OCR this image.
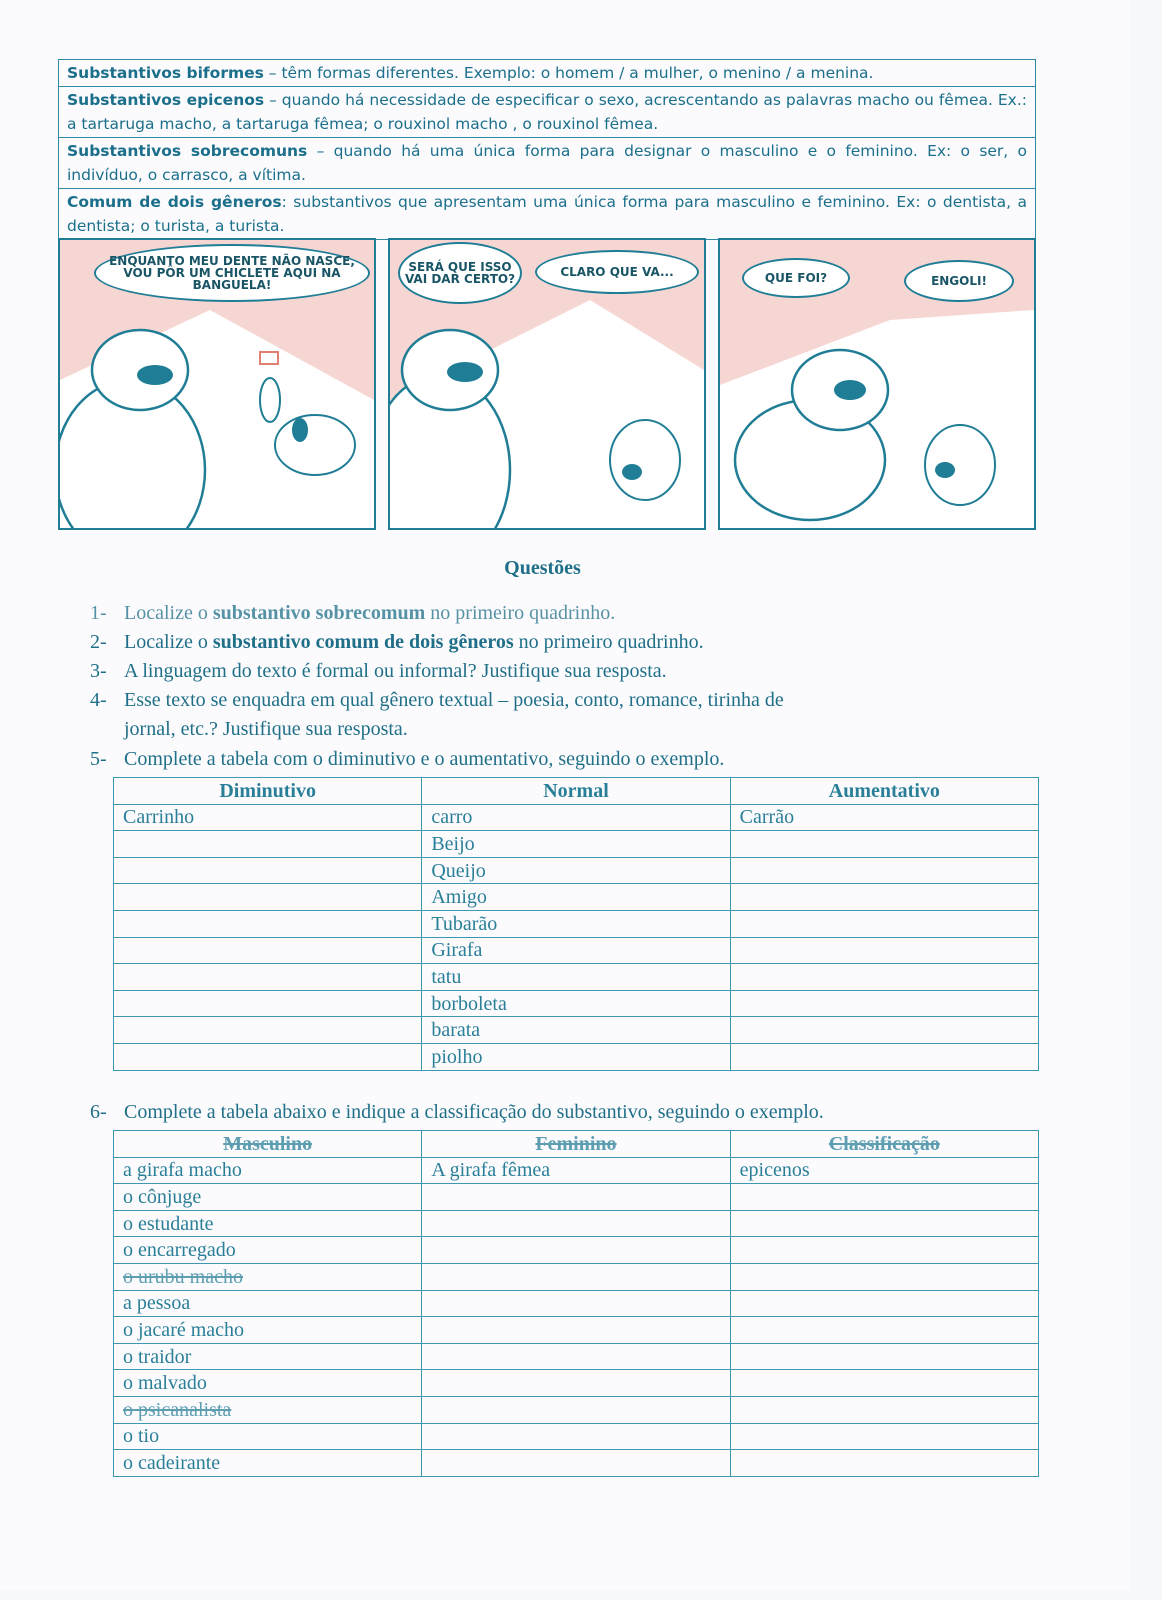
Substantivos biformes – têm formas diferentes. Exemplo: o homem / a mulher, o menino / a menina.
Substantivos epicenos – quando há necessidade de especificar o sexo, acrescentando as palavras macho ou fêmea. Ex.: a tartaruga macho, a tartaruga fêmea; o rouxinol macho , o rouxinol fêmea.
Substantivos sobrecomuns – quando há uma única forma para designar o masculino e o feminino. Ex: o ser, o indivíduo, o carrasco, a vítima.
Comum de dois gêneros: substantivos que apresentam uma única forma para masculino e feminino. Ex: o dentista, a dentista; o turista, a turista.
ENQUANTO MEU DENTE NÃO NASCE, VOU PÔR UM CHICLETE AQUI NA BANGUELA!
SERÁ QUE ISSO VAI DAR CERTO?	CLARO QUE VA...	QUE FOI?	ENGOLI!
Questões
1- Localize o substantivo sobrecomum no primeiro quadrinho.
2- Localize o substantivo comum de dois gêneros no primeiro quadrinho.
3- A linguagem do texto é formal ou informal? Justifique sua resposta.
4- Esse texto se enquadra em qual gênero textual – poesia, conto, romance, tirinha de jornal, etc.? Justifique sua resposta.
5- Complete a tabela com o diminutivo e o aumentativo, seguindo o exemplo.
Diminutivo	Normal	Aumentativo
Carrinho	carro	Carrão
	Beijo	
	Queijo	
	Amigo	
	Tubarão	
	Girafa	
	tatu	
	borboleta	
	barata	
	piolho	
6- Complete a tabela abaixo e indique a classificação do substantivo, seguindo o exemplo.
Masculino	Feminino	Classificação
a girafa macho	A girafa fêmea	epicenos
o cônjuge		
o estudante		
o encarregado		
o urubu macho		
a pessoa		
o jacaré macho		
o traidor		
o malvado		
o psicanalista		
o tio		
o cadeirante		
